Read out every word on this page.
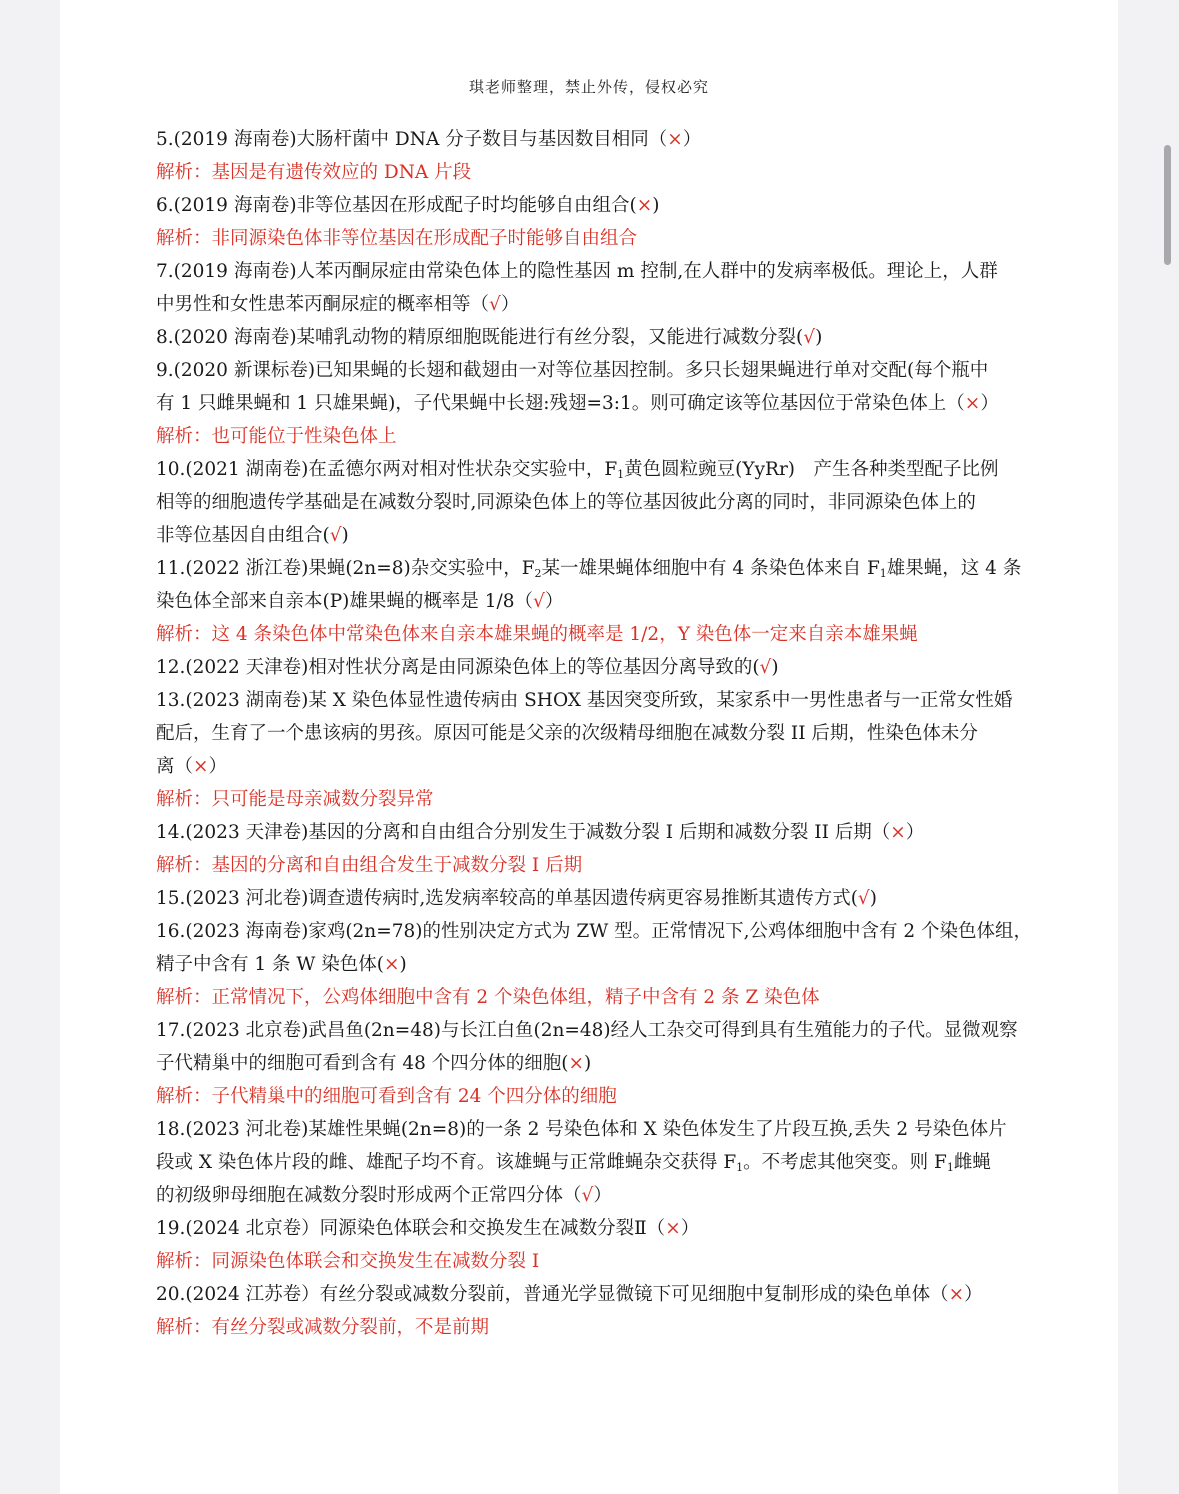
琪老师整理，禁止外传，侵权必究
5.(2019 海南卷)大肠杆菌中 DNA 分子数目与基因数目相同（×）
解析：基因是有遗传效应的 DNA 片段
6.(2019 海南卷)非等位基因在形成配子时均能够自由组合(×)
解析：非同源染色体非等位基因在形成配子时能够自由组合
7.(2019 海南卷)人苯丙酮尿症由常染色体上的隐性基因 m 控制,在人群中的发病率极低。理论上，人群
中男性和女性患苯丙酮尿症的概率相等（√）
8.(2020 海南卷)某哺乳动物的精原细胞既能进行有丝分裂，又能进行减数分裂(√)
9.(2020 新课标卷)已知果蝇的长翅和截翅由一对等位基因控制。多只长翅果蝇进行单对交配(每个瓶中
有 1 只雌果蝇和 1 只雄果蝇)，子代果蝇中长翅:残翅=3:1。则可确定该等位基因位于常染色体上（×）
解析：也可能位于性染色体上
10.(2021 湖南卷)在孟德尔两对相对性状杂交实验中，$F_1$黄色圆粒豌豆(YyRr)　产生各种类型配子比例
相等的细胞遗传学基础是在减数分裂时,同源染色体上的等位基因彼此分离的同时，非同源染色体上的
非等位基因自由组合(√)
11.(2022 浙江卷)果蝇(2n=8)杂交实验中，$F_2$某一雄果蝇体细胞中有 4 条染色体来自 $F_1$雄果蝇，这 4 条
染色体全部来自亲本(P)雄果蝇的概率是 1/8（√）
解析：这 4 条染色体中常染色体来自亲本雄果蝇的概率是 1/2，Y 染色体一定来自亲本雄果蝇
12.(2022 天津卷)相对性状分离是由同源染色体上的等位基因分离导致的(√)
13.(2023 湖南卷)某 X 染色体显性遗传病由 SHOX 基因突变所致，某家系中一男性患者与一正常女性婚
配后，生育了一个患该病的男孩。原因可能是父亲的次级精母细胞在减数分裂 II 后期，性染色体未分
离（×）
解析：只可能是母亲减数分裂异常
14.(2023 天津卷)基因的分离和自由组合分别发生于减数分裂 I 后期和减数分裂 II 后期（×）
解析：基因的分离和自由组合发生于减数分裂 I 后期
15.(2023 河北卷)调查遗传病时,选发病率较高的单基因遗传病更容易推断其遗传方式(√)
16.(2023 海南卷)家鸡(2n=78)的性别决定方式为 ZW 型。正常情况下,公鸡体细胞中含有 2 个染色体组，
精子中含有 1 条 W 染色体(×)
解析：正常情况下，公鸡体细胞中含有 2 个染色体组，精子中含有 2 条 Z 染色体
17.(2023 北京卷)武昌鱼(2n=48)与长江白鱼(2n=48)经人工杂交可得到具有生殖能力的子代。显微观察
子代精巢中的细胞可看到含有 48 个四分体的细胞(×)
解析：子代精巢中的细胞可看到含有 24 个四分体的细胞
18.(2023 河北卷)某雄性果蝇(2n=8)的一条 2 号染色体和 X 染色体发生了片段互换,丢失 2 号染色体片
段或 X 染色体片段的雌、雄配子均不育。该雄蝇与正常雌蝇杂交获得 $F_1$。不考虑其他突变。则 $F_1$雌蝇
的初级卵母细胞在减数分裂时形成两个正常四分体（√）
19.(2024 北京卷）同源染色体联会和交换发生在减数分裂Ⅱ（×）
解析：同源染色体联会和交换发生在减数分裂 I
20.(2024 江苏卷）有丝分裂或减数分裂前，普通光学显微镜下可见细胞中复制形成的染色单体（×）
解析：有丝分裂或减数分裂前，不是前期
